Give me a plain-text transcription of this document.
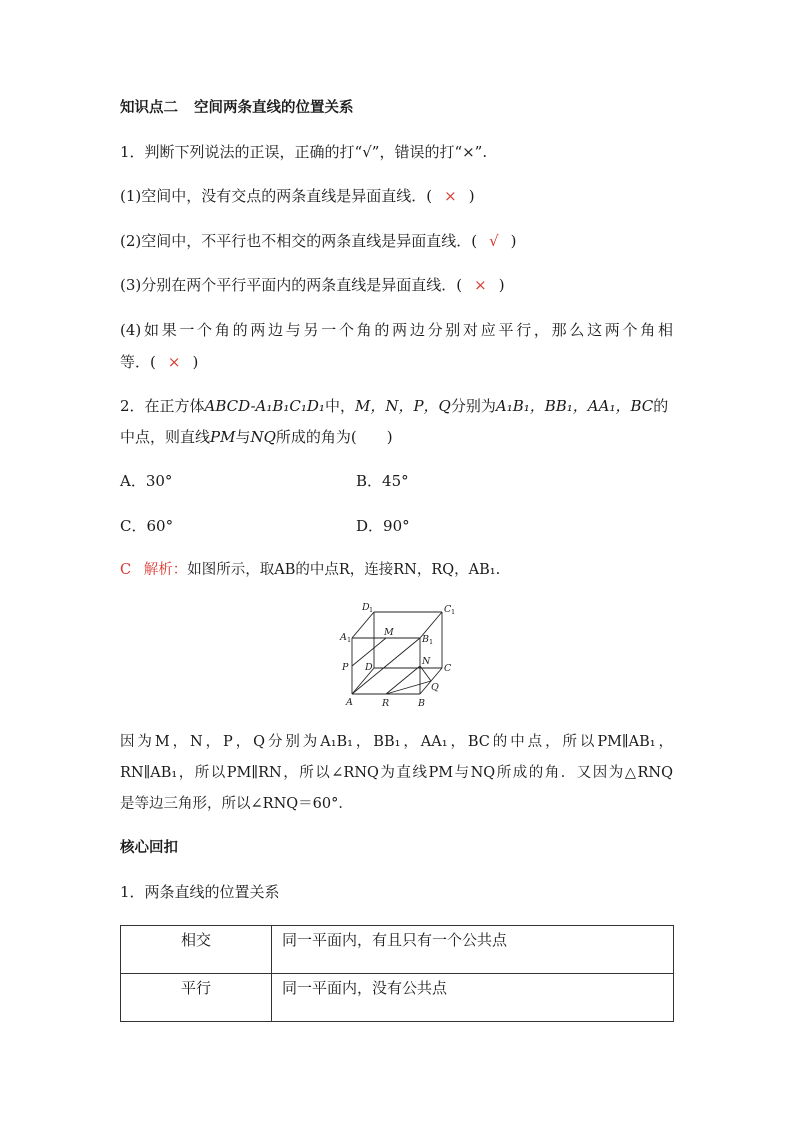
知识点二 空间两条直线的位置关系
1．判断下列说法的正误，正确的打“√”，错误的打“×”.
(1)空间中，没有交点的两条直线是异面直线．( × )
(2)空间中，不平行也不相交的两条直线是异面直线．( √ )
(3)分别在两个平行平面内的两条直线是异面直线．( × )
(4)如果一个角的两边与另一个角的两边分别对应平行，那么这两个角相
等．( × )
2．在正方体ABCD-A₁B₁C₁D₁中，M，N，P，Q分别为A₁B₁，BB₁，AA₁，BC的
中点，则直线PM与NQ所成的角为(　　)
A．30°	B．45°
C．60°	D．90°
C 解析：如图所示，取AB的中点R，连接RN，RQ，AB₁.
D 1	C 1
A 1	B 1
M
P D
N
C
Q
A	R	B
因为M，N，P，Q分别为A₁B₁，BB₁，AA₁，BC的中点，所以PM∥AB₁，
RN∥AB₁，所以PM∥RN，所以∠RNQ为直线PM与NQ所成的角．又因为△RNQ
是等边三角形，所以∠RNQ＝60°．
核心回扣
1．两条直线的位置关系
相交	同一平面内，有且只有一个公共点
平行	同一平面内，没有公共点
